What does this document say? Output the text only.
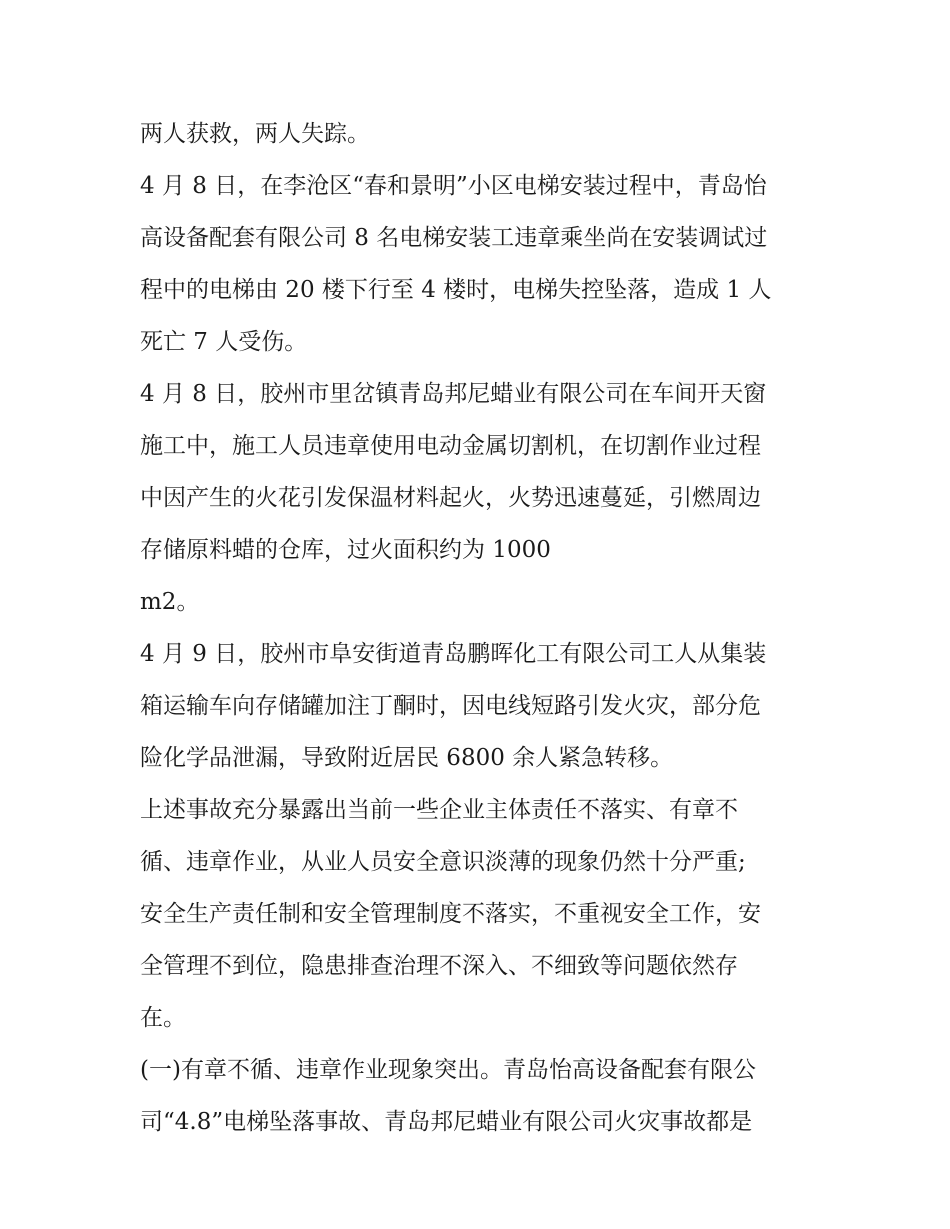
两人获救，两人失踪。
4 月 8 日，在李沧区“春和景明”小区电梯安装过程中，青岛怡
高设备配套有限公司 8 名电梯安装工违章乘坐尚在安装调试过
程中的电梯由 20 楼下行至 4 楼时，电梯失控坠落，造成 1 人
死亡 7 人受伤。
4 月 8 日，胶州市里岔镇青岛邦尼蜡业有限公司在车间开天窗
施工中，施工人员违章使用电动金属切割机，在切割作业过程
中因产生的火花引发保温材料起火，火势迅速蔓延，引燃周边
存储原料蜡的仓库，过火面积约为 1000
m2。
4 月 9 日，胶州市阜安街道青岛鹏晖化工有限公司工人从集装
箱运输车向存储罐加注丁酮时，因电线短路引发火灾，部分危
险化学品泄漏，导致附近居民 6800 余人紧急转移。
上述事故充分暴露出当前一些企业主体责任不落实、有章不
循、违章作业，从业人员安全意识淡薄的现象仍然十分严重;
安全生产责任制和安全管理制度不落实，不重视安全工作，安
全管理不到位，隐患排查治理不深入、不细致等问题依然存
在。
(一)有章不循、违章作业现象突出。青岛怡高设备配套有限公
司“4.8”电梯坠落事故、青岛邦尼蜡业有限公司火灾事故都是
